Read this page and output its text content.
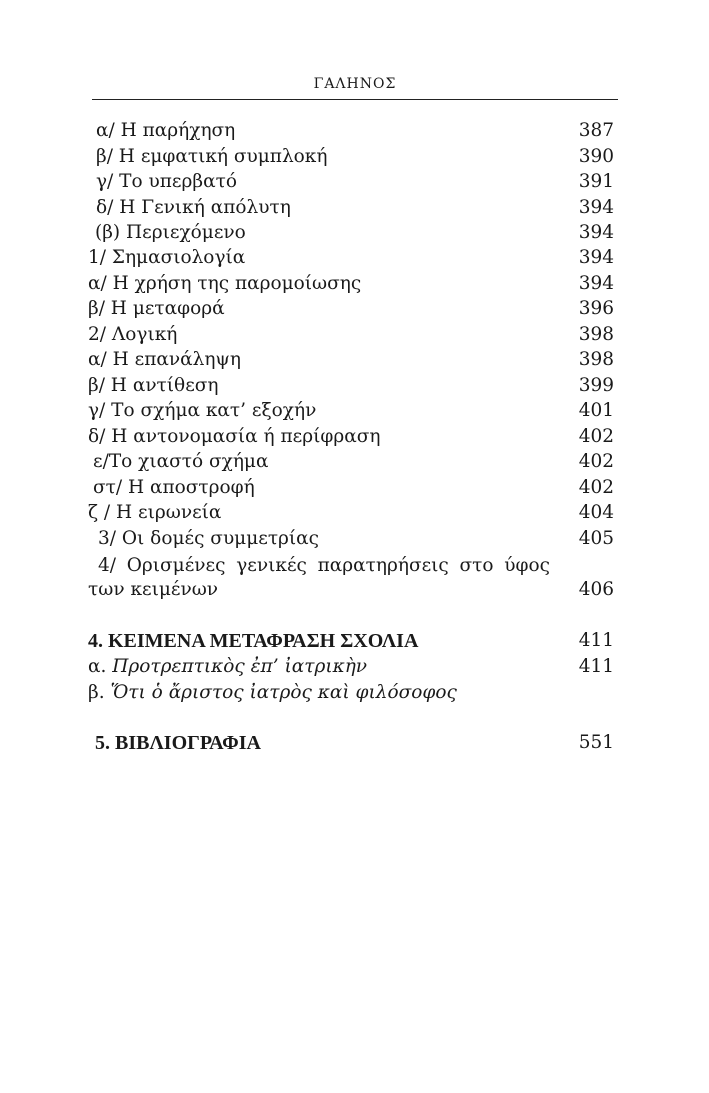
ΓΑΛΗΝΟΣ
α/ Η παρήχηση	387
β/ Η εμφατική συμπλοκή	390
γ/ Το υπερβατό	391
δ/ Η Γενική απόλυτη	394
(β) Περιεχόμενο	394
1/ Σημασιολογία	394
α/ Η χρήση της παρομοίωσης	394
β/ Η μεταφορά	396
2/ Λογική	398
α/ Η επανάληψη	398
β/ Η αντίθεση	399
γ/ Το σχήμα κατ’ εξοχήν	401
δ/ Η αντονομασία ή περίφραση	402
ε/Το χιαστό σχήμα	402
στ/ Η αποστροφή	402
ζ / Η ειρωνεία	404
3/ Οι δομές συμμετρίας	405
4/ Ορισμένες γενικές παρατηρήσεις στο ύφος
των κειμένων	406
4. ΚΕΙΜΕΝΑ ΜΕΤΑΦΡΑΣΗ ΣΧΟΛΙΑ	411
α. Προτρεπτικὸς ἐπ’ ἰατρικὴν	411
β. Ὅτι ὁ ἄριστος ἰατρὸς καὶ φιλόσοφος
5. ΒΙΒΛΙΟΓΡΑΦΙΑ	551
